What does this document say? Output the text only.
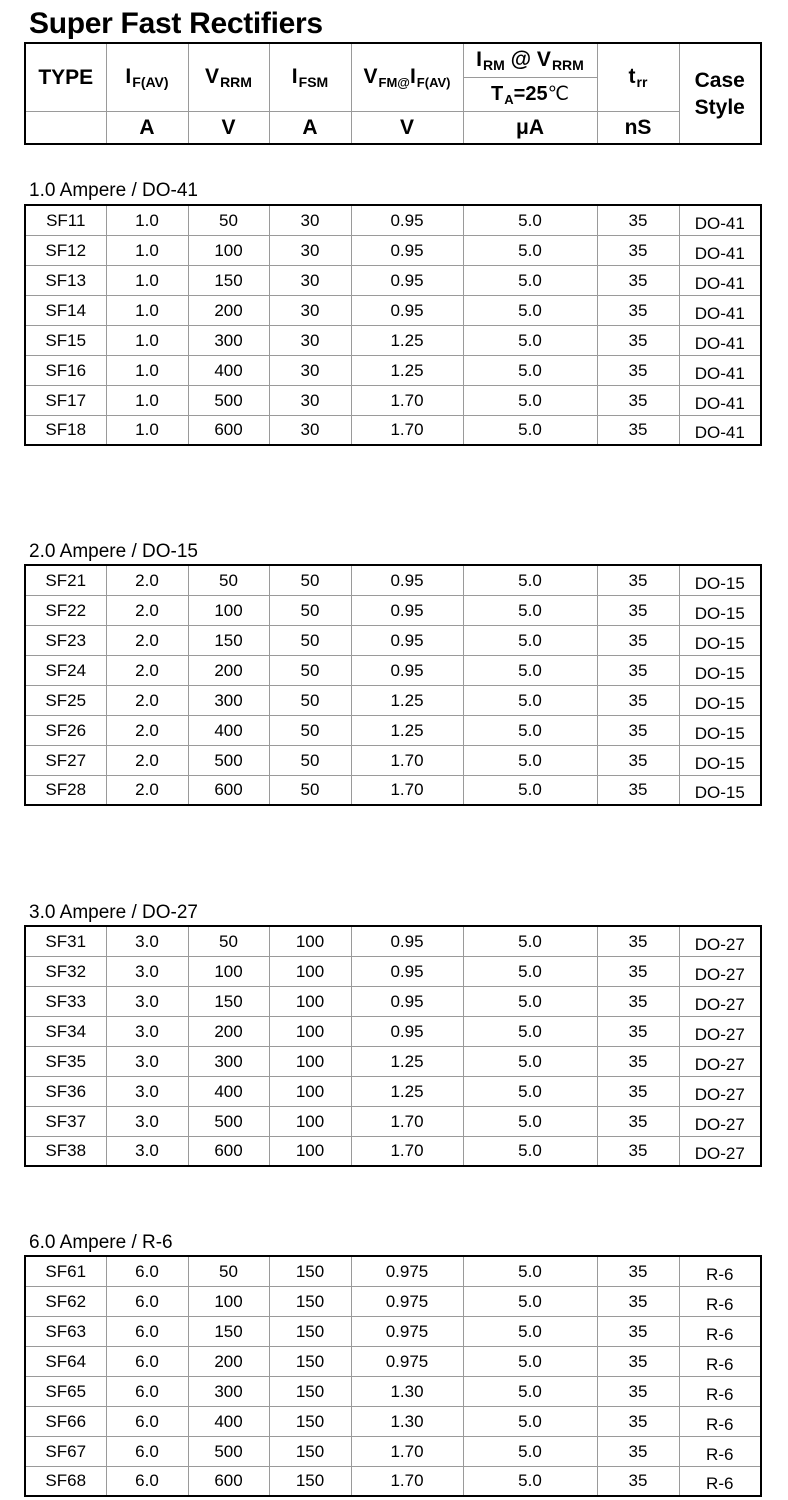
Super Fast Rectifiers
TYPE	$I_{F(AV)}$	$V_{RRM}$	$I_{FSM}$	$V_{FM@}I_{F(AV)}$	$I_{RM}$ @ $V_{RRM}$	$t_{rr}$	Case
Style
					$T_A=25℃$		
	A	V	A	V	μA	nS	
1.0 Ampere / DO-41
SF11	1.0	50	30	0.95	5.0	35	DO-41
SF12	1.0	100	30	0.95	5.0	35	DO-41
SF13	1.0	150	30	0.95	5.0	35	DO-41
SF14	1.0	200	30	0.95	5.0	35	DO-41
SF15	1.0	300	30	1.25	5.0	35	DO-41
SF16	1.0	400	30	1.25	5.0	35	DO-41
SF17	1.0	500	30	1.70	5.0	35	DO-41
SF18	1.0	600	30	1.70	5.0	35	DO-41
2.0 Ampere / DO-15
SF21	2.0	50	50	0.95	5.0	35	DO-15
SF22	2.0	100	50	0.95	5.0	35	DO-15
SF23	2.0	150	50	0.95	5.0	35	DO-15
SF24	2.0	200	50	0.95	5.0	35	DO-15
SF25	2.0	300	50	1.25	5.0	35	DO-15
SF26	2.0	400	50	1.25	5.0	35	DO-15
SF27	2.0	500	50	1.70	5.0	35	DO-15
SF28	2.0	600	50	1.70	5.0	35	DO-15
3.0 Ampere / DO-27
SF31	3.0	50	100	0.95	5.0	35	DO-27
SF32	3.0	100	100	0.95	5.0	35	DO-27
SF33	3.0	150	100	0.95	5.0	35	DO-27
SF34	3.0	200	100	0.95	5.0	35	DO-27
SF35	3.0	300	100	1.25	5.0	35	DO-27
SF36	3.0	400	100	1.25	5.0	35	DO-27
SF37	3.0	500	100	1.70	5.0	35	DO-27
SF38	3.0	600	100	1.70	5.0	35	DO-27
6.0 Ampere / R-6
SF61	6.0	50	150	0.975	5.0	35	R-6
SF62	6.0	100	150	0.975	5.0	35	R-6
SF63	6.0	150	150	0.975	5.0	35	R-6
SF64	6.0	200	150	0.975	5.0	35	R-6
SF65	6.0	300	150	1.30	5.0	35	R-6
SF66	6.0	400	150	1.30	5.0	35	R-6
SF67	6.0	500	150	1.70	5.0	35	R-6
SF68	6.0	600	150	1.70	5.0	35	R-6
